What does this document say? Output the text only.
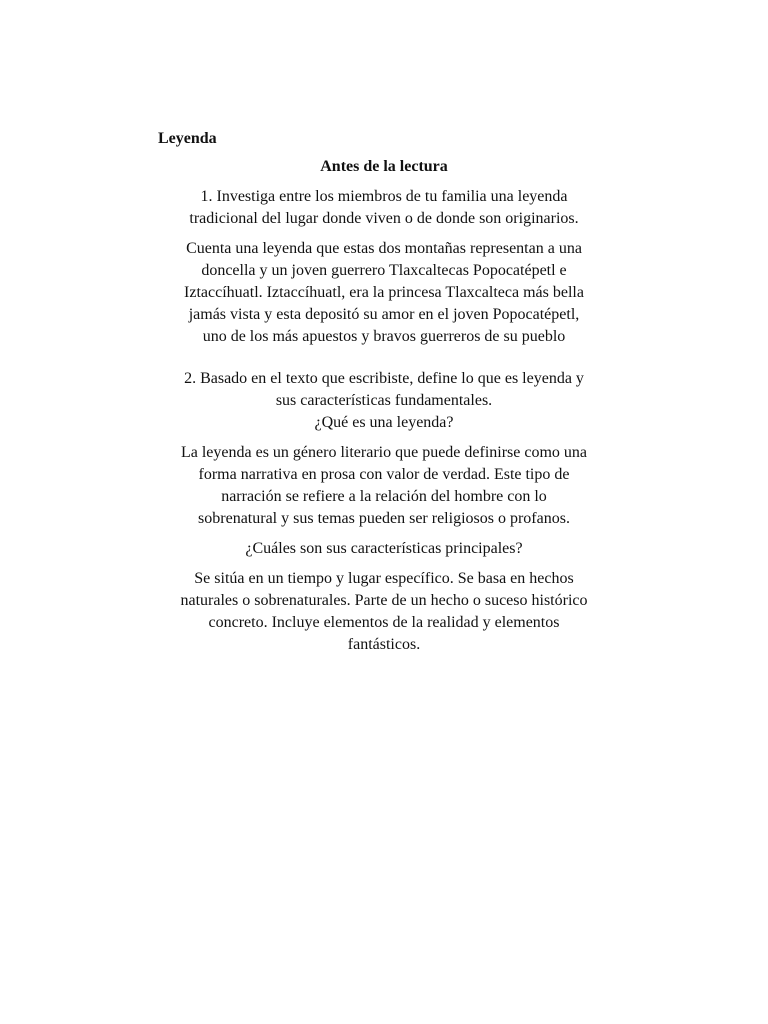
Leyenda
Antes de la lectura
1. Investiga entre los miembros de tu familia una leyenda
tradicional del lugar donde viven o de donde son originarios.
Cuenta una leyenda que estas dos montañas representan a una
doncella y un joven guerrero Tlaxcaltecas Popocatépetl e
Iztaccíhuatl. Iztaccíhuatl, era la princesa Tlaxcalteca más bella
jamás vista y esta depositó su amor en el joven Popocatépetl,
uno de los más apuestos y bravos guerreros de su pueblo
2. Basado en el texto que escribiste, define lo que es leyenda y
sus características fundamentales.
¿Qué es una leyenda?
La leyenda es un género literario que puede definirse como una
forma narrativa en prosa con valor de verdad. Este tipo de
narración se refiere a la relación del hombre con lo
sobrenatural y sus temas pueden ser religiosos o profanos.
¿Cuáles son sus características principales?
Se sitúa en un tiempo y lugar específico. Se basa en hechos
naturales o sobrenaturales. Parte de un hecho o suceso histórico
concreto. Incluye elementos de la realidad y elementos
fantásticos.
